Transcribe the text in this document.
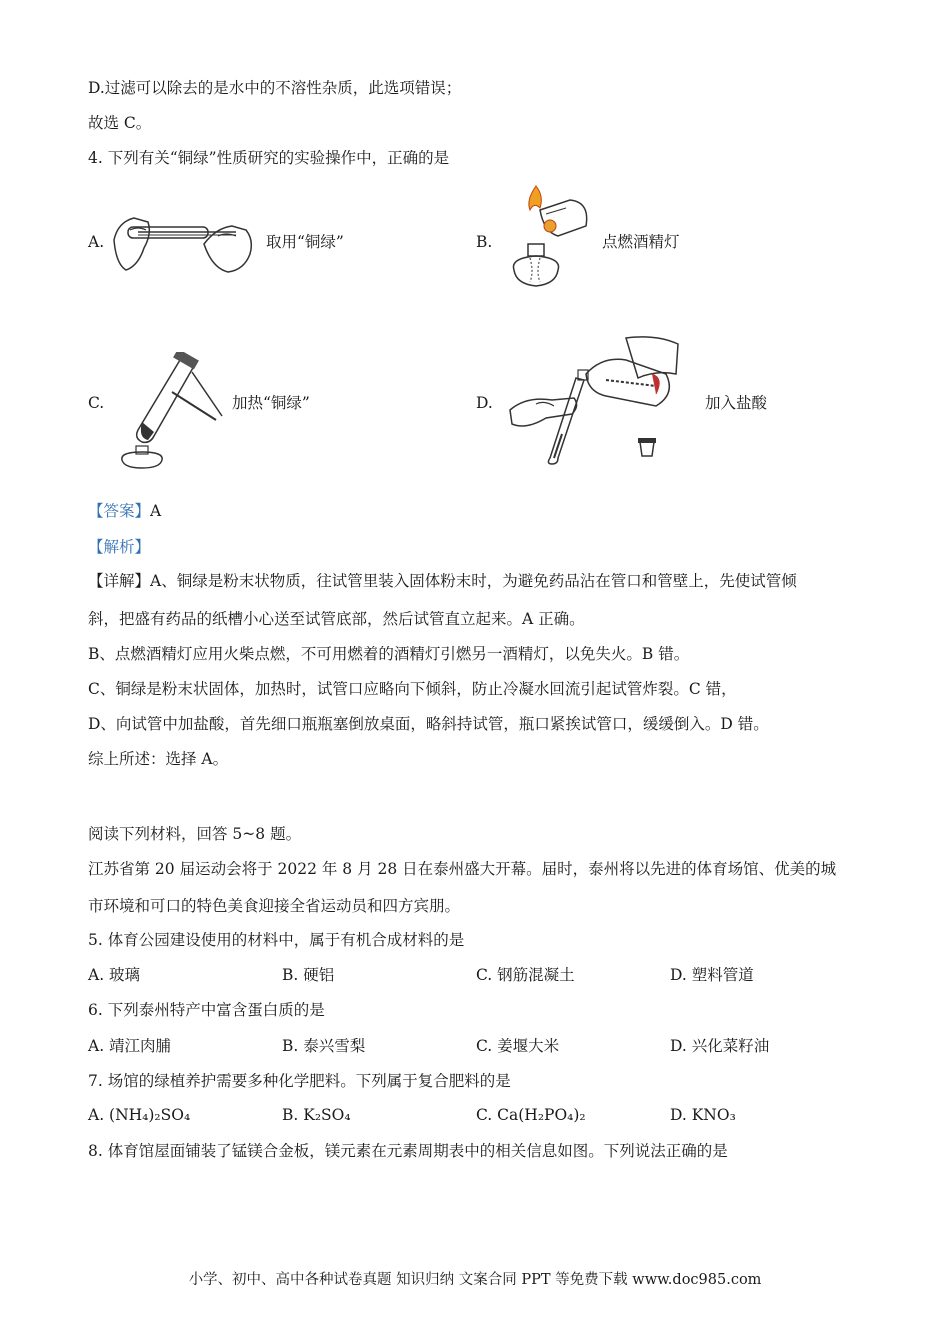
D.过滤可以除去的是水中的不溶性杂质，此选项错误；
故选 C。
4. 下列有关“铜绿”性质研究的实验操作中，正确的是
A.	取用“铜绿”	B.	点燃酒精灯
C.	加热“铜绿”	D.	加入盐酸
【答案】A
【解析】
【详解】A、铜绿是粉末状物质，往试管里装入固体粉末时，为避免药品沾在管口和管壁上，先使试管倾
斜，把盛有药品的纸槽小心送至试管底部，然后试管直立起来。A 正确。
B、点燃酒精灯应用火柴点燃，不可用燃着的酒精灯引燃另一酒精灯，以免失火。B 错。
C、铜绿是粉末状固体，加热时，试管口应略向下倾斜，防止冷凝水回流引起试管炸裂。C 错，
D、向试管中加盐酸，首先细口瓶瓶塞倒放桌面，略斜持试管，瓶口紧挨试管口，缓缓倒入。D 错。
综上所述：选择 A。
阅读下列材料，回答 5~8 题。
江苏省第 20 届运动会将于 2022 年 8 月 28 日在泰州盛大开幕。届时，泰州将以先进的体育场馆、优美的城
市环境和可口的特色美食迎接全省运动员和四方宾朋。
5. 体育公园建设使用的材料中，属于有机合成材料的是
A. 玻璃	B. 硬铝	C. 钢筋混凝土	D. 塑料管道
6. 下列泰州特产中富含蛋白质的是
A. 靖江肉脯	B. 泰兴雪梨	C. 姜堰大米	D. 兴化菜籽油
7. 场馆的绿植养护需要多种化学肥料。下列属于复合肥料的是
A. (NH₄)₂SO₄	B. K₂SO₄	C. Ca(H₂PO₄)₂	D. KNO₃
8. 体育馆屋面铺装了锰镁合金板，镁元素在元素周期表中的相关信息如图。下列说法正确的是
小学、初中、高中各种试卷真题 知识归纳 文案合同 PPT 等免费下载 www.doc985.com
